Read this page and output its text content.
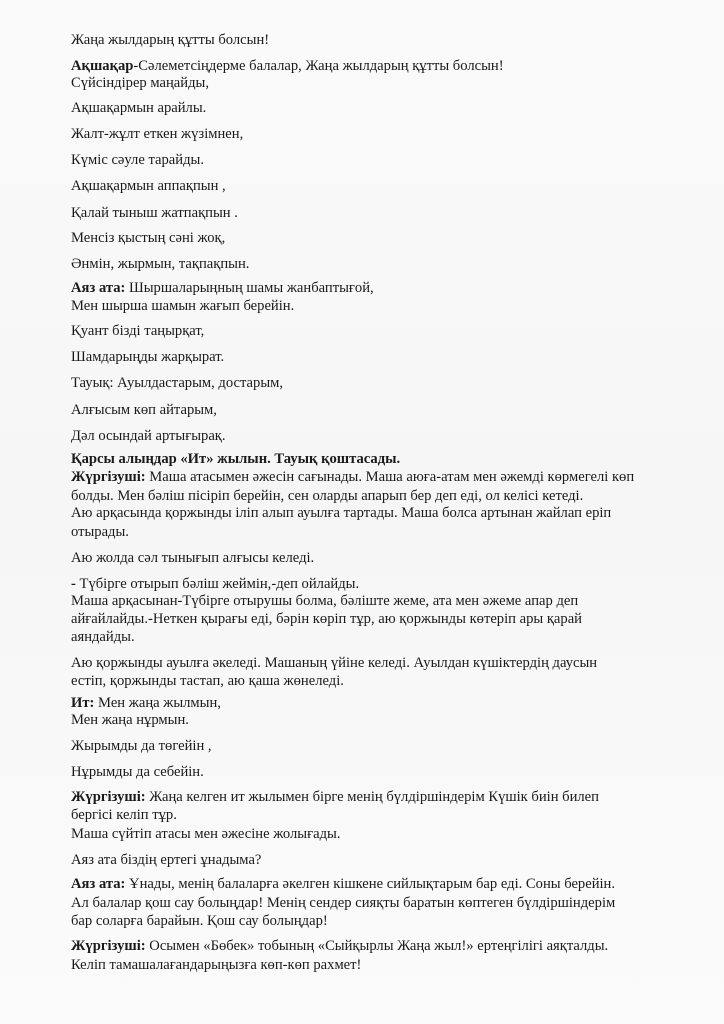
Жаңа жылдарың құтты болсын!
Ақшақар-Сәлеметсіңдерме балалар, Жаңа жылдарың құтты болсын!
Сүйсіндірер маңайды,
Ақшақармын арайлы.
Жалт-жұлт еткен жүзімнен,
Күміс сәуле тарайды.
Ақшақармын аппақпын ,
Қалай тыныш жатпақпын .
Менсіз қыстың сәні жоқ,
Әнмін, жырмын, тақпақпын.
Аяз ата: Шыршаларыңның шамы жанбаптығой,
Мен шырша шамын жағып берейін.
Қуант бізді таңырқат,
Шамдарыңды жарқырат.
Тауық: Ауылдастарым, достарым,
Алғысым көп айтарым,
Дәл осындай артығырақ.
Қарсы алыңдар «Ит» жылын. Тауық қоштасады.
Жүргізуші: Маша атасымен әжесін сағынады. Маша аюға-атам мен әжемді көрмегелі көп
болды. Мен бәліш пісіріп берейін, сен оларды апарып бер деп еді, ол келісі кетеді.
Аю арқасында қоржынды іліп алып ауылға тартады. Маша болса артынан жайлап еріп
отырады.
Аю жолда сәл тынығып алғысы келеді.
- Түбірге отырып бәліш жеймін,-деп ойлайды.
Маша арқасынан-Түбірге отырушы болма, бәліште жеме, ата мен әжеме апар деп
айғайлайды.-Неткен қырағы еді, бәрін көріп тұр, аю қоржынды көтеріп ары қарай
аяндайды.
Аю қоржынды ауылға әкеледі. Машаның үйіне келеді. Ауылдан күшіктердің даусын
естіп, қоржынды тастап, аю қаша жөнеледі.
Ит: Мен жаңа жылмын,
Мен жаңа нұрмын.
Жырымды да төгейін ,
Нұрымды да себейін.
Жүргізуші: Жаңа келген ит жылымен бірге менің бүлдіршіндерім Күшік биін билеп
бергісі келіп тұр.
Маша сүйтіп атасы мен әжесіне жолығады.
Аяз ата біздің ертегі ұнадыма?
Аяз ата: Ұнады, менің балаларға әкелген кішкене сийлықтарым бар еді. Соны берейін.
Ал балалар қош сау болыңдар! Менің сендер сияқты баратын көптеген бүлдіршіндерім
бар соларға барайын. Қош сау болыңдар!
Жүргізуші: Осымен «Бөбек» тобының «Сыйқырлы Жаңа жыл!» ертеңгілігі аяқталды.
Келіп тамашалағандарыңызға көп-көп рахмет!
